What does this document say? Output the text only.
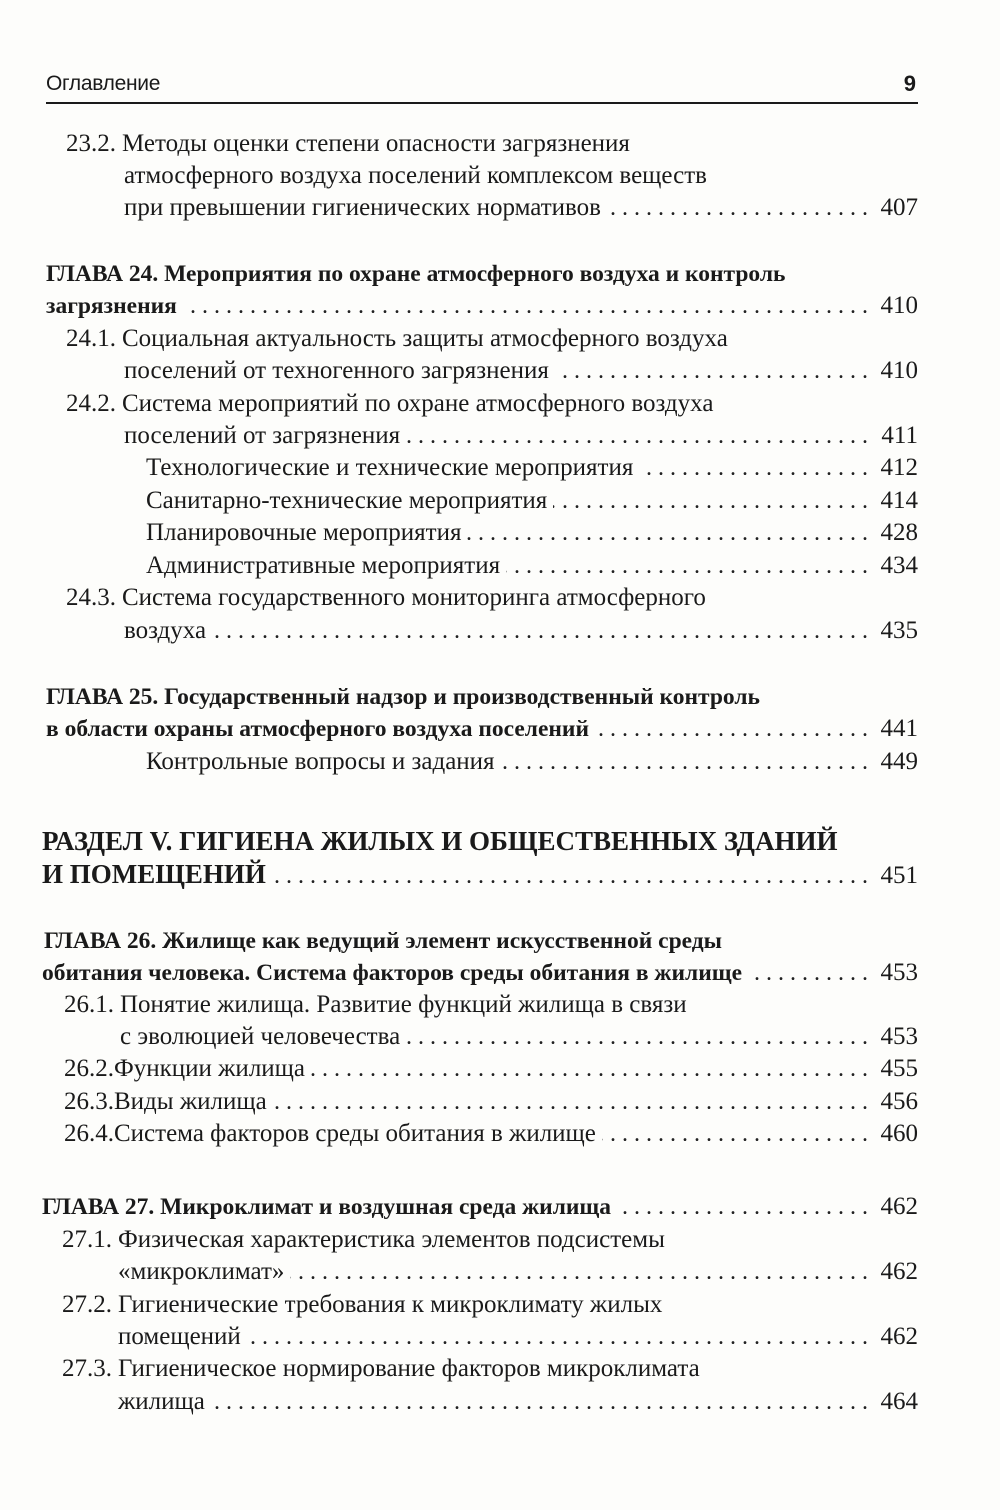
Оглавление	9
23.2. Методы оценки степени опасности загрязнения
атмосферного воздуха поселений комплексом веществ
при превышении гигиенических нормативов . . .	407
ГЛАВА 24. Мероприятия по охране атмосферного воздуха и контроль
загрязнения . . .	410
24.1. Социальная актуальность защиты атмосферного воздуха
поселений от техногенного загрязнения . . .	410
24.2. Система мероприятий по охране атмосферного воздуха
поселений от загрязнения . . .	411
Технологические и технические мероприятия . . .	412
Санитарно-технические мероприятия . . .	414
Планировочные мероприятия . . .	428
Административные мероприятия . . .	434
24.3. Система государственного мониторинга атмосферного
воздуха . . .	435
ГЛАВА 25. Государственный надзор и производственный контроль
в области охраны атмосферного воздуха поселений . . .	441
Контрольные вопросы и задания . . .	449
РАЗДЕЛ V. ГИГИЕНА ЖИЛЫХ И ОБЩЕСТВЕННЫХ ЗДАНИЙ
И ПОМЕЩЕНИЙ . . .	451
ГЛАВА 26. Жилище как ведущий элемент искусственной среды
обитания человека. Система факторов среды обитания в жилище . . .	453
26.1. Понятие жилища. Развитие функций жилища в связи
с эволюцией человечества . . .	453
26.2. Функции жилища . . .	455
26.3. Виды жилища . . .	456
26.4. Система факторов среды обитания в жилище . . .	460
ГЛАВА 27. Микроклимат и воздушная среда жилища . . .	462
27.1. Физическая характеристика элементов подсистемы
«микроклимат» . . .	462
27.2. Гигиенические требования к микроклимату жилых
помещений . . .	462
27.3. Гигиеническое нормирование факторов микроклимата
жилища . . .	464
